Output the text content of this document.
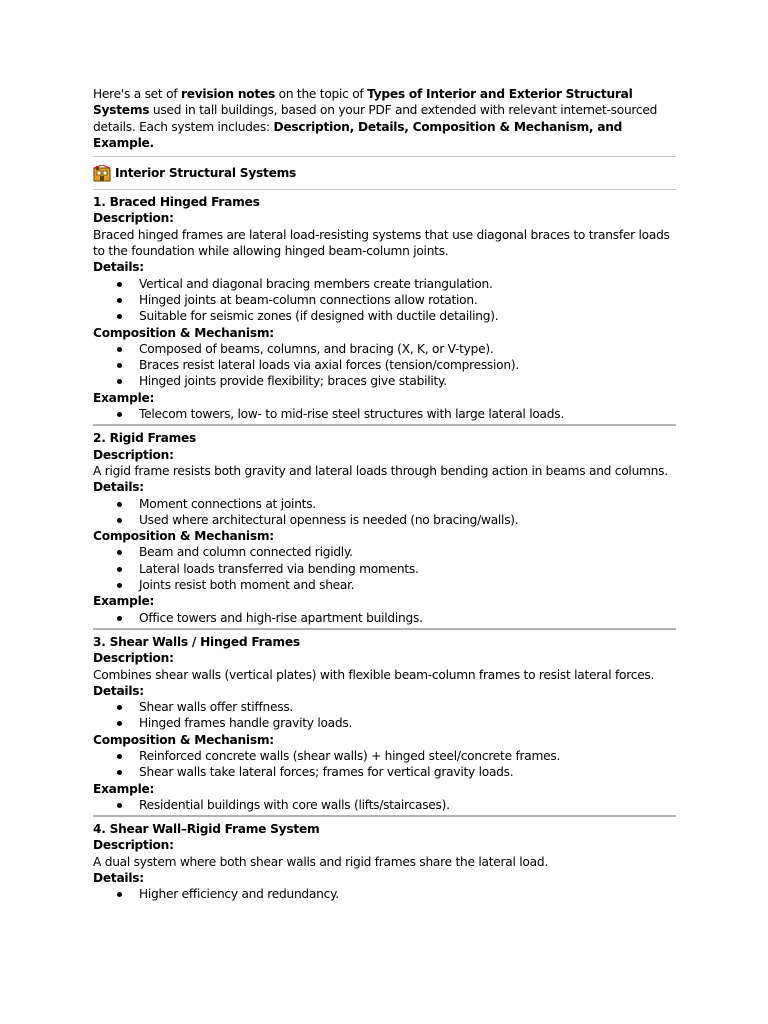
Here's a set of revision notes on the topic of Types of Interior and Exterior Structural Systems used in tall buildings, based on your PDF and extended with relevant internet-sourced details. Each system includes: Description, Details, Composition & Mechanism, and Example.

Interior Structural Systems
1. Braced Hinged Frames
Description:
Braced hinged frames are lateral load-resisting systems that use diagonal braces to transfer loads to the foundation while allowing hinged beam-column joints.
Details:
Vertical and diagonal bracing members create triangulation.
Hinged joints at beam-column connections allow rotation.
Suitable for seismic zones (if designed with ductile detailing).
Composition & Mechanism:
Composed of beams, columns, and bracing (X, K, or V-type).
Braces resist lateral loads via axial forces (tension/compression).
Hinged joints provide flexibility; braces give stability.
Example:
Telecom towers, low- to mid-rise steel structures with large lateral loads.
2. Rigid Frames
Description:
A rigid frame resists both gravity and lateral loads through bending action in beams and columns.
Details:
Moment connections at joints.
Used where architectural openness is needed (no bracing/walls).
Composition & Mechanism:
Beam and column connected rigidly.
Lateral loads transferred via bending moments.
Joints resist both moment and shear.
Example:
Office towers and high-rise apartment buildings.
3. Shear Walls / Hinged Frames
Description:
Combines shear walls (vertical plates) with flexible beam-column frames to resist lateral forces.
Details:
Shear walls offer stiffness.
Hinged frames handle gravity loads.
Composition & Mechanism:
Reinforced concrete walls (shear walls) + hinged steel/concrete frames.
Shear walls take lateral forces; frames for vertical gravity loads.
Example:
Residential buildings with core walls (lifts/staircases).
4. Shear Wall–Rigid Frame System
Description:
A dual system where both shear walls and rigid frames share the lateral load.
Details:
Higher efficiency and redundancy.
